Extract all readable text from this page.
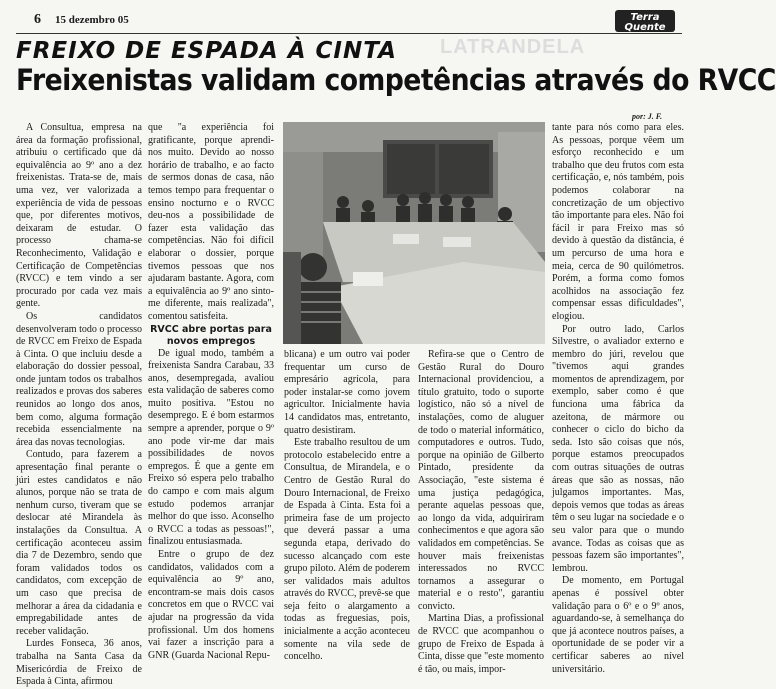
6 15 dezembro 05	Terra
Quente
LATRANDELA
FREIXO DE ESPADA À CINTA
Freixenistas validam competências através do RVCC
por: J. F.

A Consultua, empresa na área da formação profissional, atribuiu o certificado que dá equivalência ao 9º ano a dez freixenistas. Trata-se de, mais uma vez, ver valorizada a experiência de vida de pessoas que, por diferentes motivos, deixaram de estudar. O processo chama-se Reconhecimento, Validação e Certificação de Competências (RVCC) e tem vindo a ser procurado por cada vez mais gente.

Os candidatos desenvolveram todo o processo de RVCC em Freixo de Espada à Cinta. O que incluiu desde a elaboração do dossier pessoal, onde juntam todos os trabalhos realizados e provas dos saberes reunidos ao longo dos anos, bem como, alguma formação recebida essencialmente na área das novas tecnologias.

Contudo, para fazerem a apresentação final perante o júri estes candidatos e não alunos, porque não se trata de nenhum curso, tiveram que se deslocar até Mirandela às instalações da Consultua. A certificação aconteceu assim dia 7 de Dezembro, sendo que foram validados todos os candidatos, com excepção de um caso que precisa de melhorar a área da cidadania e empregabilidade antes de receber validação.

Lurdes Fonseca, 36 anos, trabalha na Santa Casa da Misericórdia de Freixo de Espada à Cinta, afirmou

que "a experiência foi gratificante, porque aprendi-nos muito. Devido ao nosso horário de trabalho, e ao facto de sermos donas de casa, não temos tempo para frequentar o ensino nocturno e o RVCC deu-nos a possibilidade de fazer esta validação das competências. Não foi difícil elaborar o dossier, porque tivemos pessoas que nos ajudaram bastante. Agora, com a equivalência ao 9º ano sinto-me diferente, mais realizada", comentou satisfeita.

RVCC abre portas para novos empregos

De igual modo, também a freixenista Sandra Carabau, 33 anos, desempregada, avaliou esta validação de saberes como muito positiva. "Estou no desemprego. E é bom estarmos sempre a aprender, porque o 9º ano pode vir-me dar mais possibilidades de novos empregos. É que a gente em Freixo só espera pelo trabalho do campo e com mais algum estudo podemos arranjar melhor do que isso. Aconselho o RVCC a todas as pessoas!", finalizou entusiasmada.

Entre o grupo de dez candidatos, validados com a equivalência ao 9º ano, encontram-se mais dois casos concretos em que o RVCC vai ajudar na progressão da vida profissional. Um dos homens vai fazer a inscrição para a GNR (Guarda Nacional Repu-

blicana) e um outro vai poder frequentar um curso de empresário agrícola, para poder instalar-se como jovem agricultor. Inicialmente havia 14 candidatos mas, entretanto, quatro desistiram.

Este trabalho resultou de um protocolo estabelecido entre a Consultua, de Mirandela, e o Centro de Gestão Rural do Douro Internacional, de Freixo de Espada à Cinta. Esta foi a primeira fase de um projecto que deverá passar a uma segunda etapa, derivado do sucesso alcançado com este grupo piloto. Além de poderem ser validados mais adultos através do RVCC, prevê-se que seja feito o alargamento a todas as freguesias, pois, inicialmente a acção aconteceu somente na vila sede de concelho.

Refira-se que o Centro de Gestão Rural do Douro Internacional providenciou, a título gratuito, todo o suporte logístico, não só a nível de instalações, como de aluguer de todo o material informático, computadores e outros. Tudo, porque na opinião de Gilberto Pintado, presidente da Associação, "este sistema é uma justiça pedagógica, perante aquelas pessoas que, ao longo da vida, adquiriram conhecimentos e que agora são validados em competências. Se houver mais freixenistas interessados no RVCC tornamos a assegurar o material e o resto", garantiu convicto.

Martina Dias, a profissional de RVCC que acompanhou o grupo de Freixo de Espada à Cinta, disse que "este momento é tão, ou mais, impor-

tante para nós como para eles. As pessoas, porque vêem um esforço reconhecido e um trabalho que deu frutos com esta certificação, e, nós também, pois podemos colaborar na concretização de um objectivo tão importante para eles. Não foi fácil ir para Freixo mas só devido à questão da distância, é um percurso de uma hora e meia, cerca de 90 quilómetros. Porém, a forma como fomos acolhidos na associação fez compensar essas dificuldades", elogiou.

Por outro lado, Carlos Silvestre, o avaliador externo e membro do júri, revelou que "tivemos aqui grandes momentos de aprendizagem, por exemplo, saber como é que funciona uma fábrica da azeitona, de mármore ou conhecer o ciclo do bicho da seda. Isto são coisas que nós, porque estamos preocupados com outras situações de outras áreas que são as nossas, não julgamos importantes. Mas, depois vemos que todas as áreas têm o seu lugar na sociedade e o seu valor para que o mundo avance. Todas as coisas que as pessoas fazem são importantes", lembrou.

De momento, em Portugal apenas é possível obter validação para o 6º e o 9º anos, aguardando-se, à semelhança do que já acontece noutros países, a oportunidade de se poder vir a certificar saberes ao nível universitário.
